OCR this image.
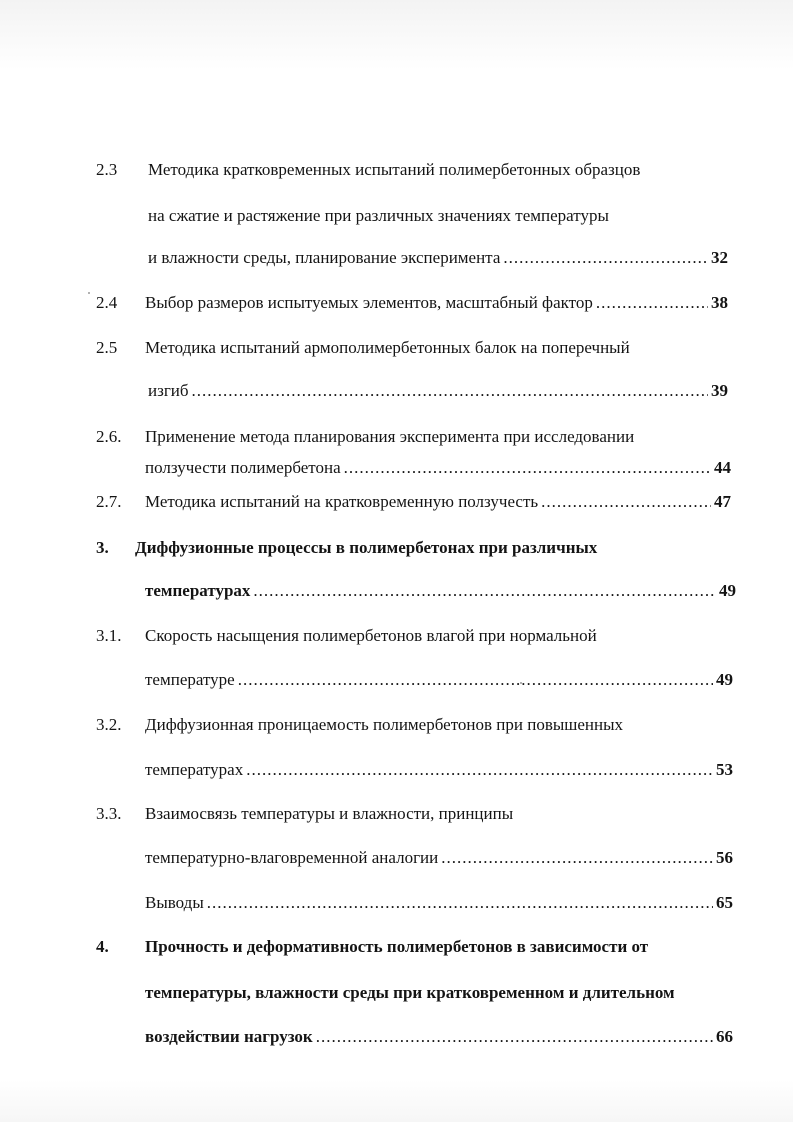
2.3 Методика кратковременных испытаний полимербетонных образцов

на сжатие и растяжение при различных значениях температуры

и влажности среды, планирование эксперимента .....	32
2.4 Выбор размеров испытуемых элементов, масштабный фактор .....	38
2.5 Методика испытаний армополимербетонных балок на поперечный

изгиб .....	39
2.6. Применение метода планирования эксперимента при исследовании

ползучести полимербетона .....	44
2.7. Методика испытаний на кратковременную ползучесть .....	47
3. Диффузионные процессы в полимербетонах при различных

температурах .....	49
3.1. Скорость насыщения полимербетонов влагой при нормальной

температуре .....	49
3.2. Диффузионная проницаемость полимербетонов при повышенных

температурах .....	53
3.3. Взаимосвязь температуры и влажности, принципы

температурно-влаговременной аналогии .....	56
Выводы .....	65
4. Прочность и деформативность полимербетонов в зависимости от

температуры, влажности среды при кратковременном и длительном

воздействии нагрузок .....	66
